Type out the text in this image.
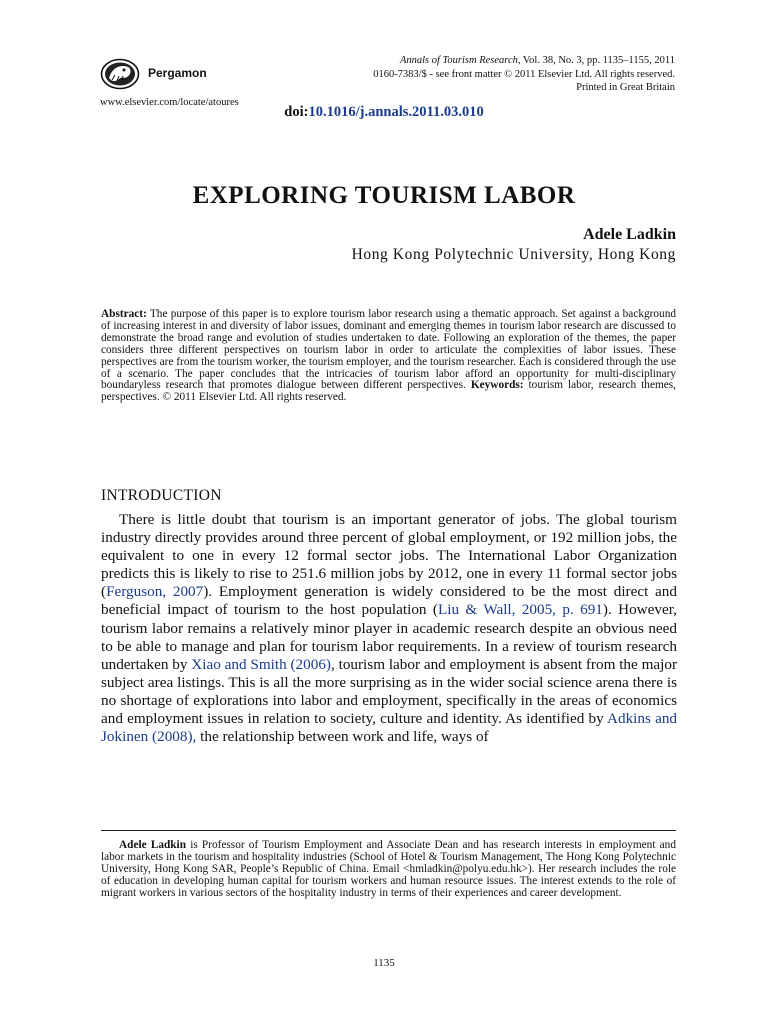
Pergamon
Annals of Tourism Research, Vol. 38, No. 3, pp. 1135–1155, 2011
0160-7383/$ - see front matter © 2011 Elsevier Ltd. All rights reserved.
Printed in Great Britain
www.elsevier.com/locate/atoures
doi:10.1016/j.annals.2011.03.010
EXPLORING TOURISM LABOR
Adele Ladkin
Hong Kong Polytechnic University, Hong Kong
Abstract: The purpose of this paper is to explore tourism labor research using a thematic approach. Set against a background of increasing interest in and diversity of labor issues, dominant and emerging themes in tourism labor research are discussed to demonstrate the broad range and evolution of studies undertaken to date. Following an exploration of the themes, the paper considers three different perspectives on tourism labor in order to articulate the complexities of labor issues. These perspectives are from the tourism worker, the tourism employer, and the tourism researcher. Each is considered through the use of a scenario. The paper concludes that the intricacies of tourism labor afford an opportunity for multi-disciplinary boundaryless research that promotes dialogue between different perspectives. Keywords: tourism labor, research themes, perspectives. © 2011 Elsevier Ltd. All rights reserved.
INTRODUCTION

There is little doubt that tourism is an important generator of jobs. The global tourism industry directly provides around three percent of global employment, or 192 million jobs, the equivalent to one in every 12 formal sector jobs. The International Labor Organization predicts this is likely to rise to 251.6 million jobs by 2012, one in every 11 formal sector jobs (Ferguson, 2007). Employment generation is widely considered to be the most direct and beneficial impact of tourism to the host population (Liu & Wall, 2005, p. 691). However, tourism labor remains a relatively minor player in academic research despite an obvious need to be able to manage and plan for tourism labor requirements. In a review of tourism research undertaken by Xiao and Smith (2006), tourism labor and employment is absent from the major subject area listings. This is all the more surprising as in the wider social science arena there is no shortage of explorations into labor and employment, specifically in the areas of economics and employment issues in relation to society, culture and identity. As identified by Adkins and Jokinen (2008), the relationship between work and life, ways of

Adele Ladkin is Professor of Tourism Employment and Associate Dean and has research interests in employment and labor markets in the tourism and hospitality industries (School of Hotel & Tourism Management, The Hong Kong Polytechnic University, Hong Kong SAR, People’s Republic of China. Email <hmladkin@polyu.edu.hk>). Her research includes the role of education in developing human capital for tourism workers and human resource issues. The interest extends to the role of migrant workers in various sectors of the hospitality industry in terms of their experiences and career development.

1135
